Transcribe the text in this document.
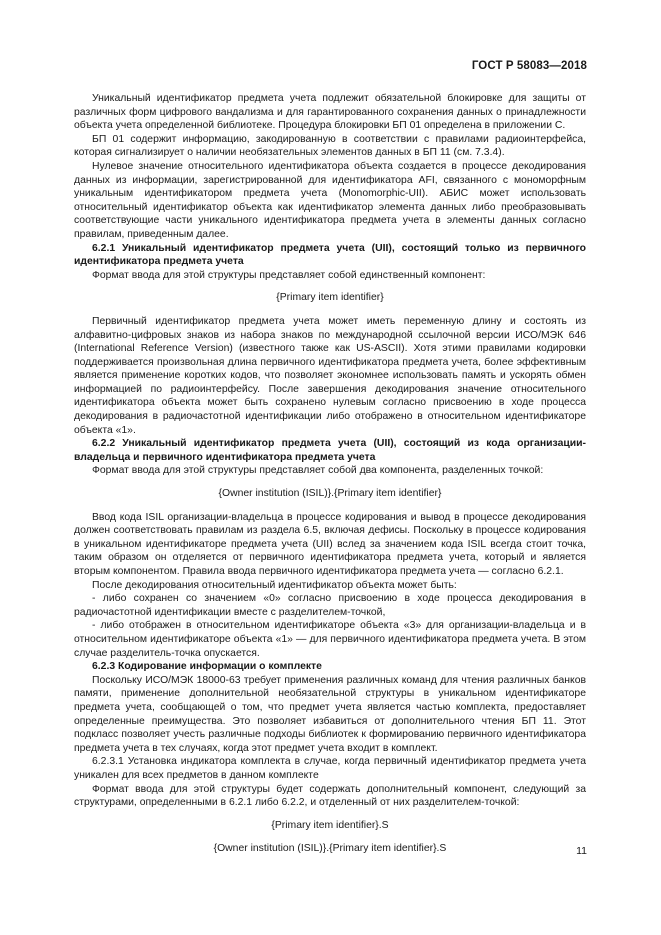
ГОСТ Р 58083—2018

Уникальный идентификатор предмета учета подлежит обязательной блокировке для защиты от различных форм цифрового вандализма и для гарантированного сохранения данных о принадлежности объекта учета определенной библиотеке. Процедура блокировки БП 01 определена в приложении С.

БП 01 содержит информацию, закодированную в соответствии с правилами радиоинтерфейса, которая сигнализирует о наличии необязательных элементов данных в БП 11 (см. 7.3.4).

Нулевое значение относительного идентификатора объекта создается в процессе декодирования данных из информации, зарегистрированной для идентификатора AFI, связанного с мономорфным уникальным идентификатором предмета учета (Monomorphic-UII). АБИС может использовать относительный идентификатор объекта как идентификатор элемента данных либо преобразовывать соответствующие части уникального идентификатора предмета учета в элементы данных согласно правилам, приведенным далее.

6.2.1 Уникальный идентификатор предмета учета (UII), состоящий только из первичного идентификатора предмета учета

Формат ввода для этой структуры представляет собой единственный компонент:

{Primary item identifier}

Первичный идентификатор предмета учета может иметь переменную длину и состоять из алфавитно-цифровых знаков из набора знаков по международной ссылочной версии ИСО/МЭК 646 (International Reference Version) (известного также как US-ASCII). Хотя этими правилами кодировки поддерживается произвольная длина первичного идентификатора предмета учета, более эффективным является применение коротких кодов, что позволяет экономнее использовать память и ускорять обмен информацией по радиоинтерфейсу. После завершения декодирования значение относительного идентификатора объекта может быть сохранено нулевым согласно присвоению в ходе процесса декодирования в радиочастотной идентификации либо отображено в относительном идентификаторе объекта «1».

6.2.2 Уникальный идентификатор предмета учета (UII), состоящий из кода организации-владельца и первичного идентификатора предмета учета

Формат ввода для этой структуры представляет собой два компонента, разделенных точкой:

{Owner institution (ISIL)}.{Primary item identifier}

Ввод кода ISIL организации-владельца в процессе кодирования и вывод в процессе декодирования должен соответствовать правилам из раздела 6.5, включая дефисы. Поскольку в процессе кодирования в уникальном идентификаторе предмета учета (UII) вслед за значением кода ISIL всегда стоит точка, таким образом он отделяется от первичного идентификатора предмета учета, который и является вторым компонентом. Правила ввода первичного идентификатора предмета учета — согласно 6.2.1.

После декодирования относительный идентификатор объекта может быть:

- либо сохранен со значением «0» согласно присвоению в ходе процесса декодирования в радиочастотной идентификации вместе с разделителем-точкой,

- либо отображен в относительном идентификаторе объекта «3» для организации-владельца и в относительном идентификаторе объекта «1» — для первичного идентификатора предмета учета. В этом случае разделитель-точка опускается.

6.2.3 Кодирование информации о комплекте

Поскольку ИСО/МЭК 18000-63 требует применения различных команд для чтения различных банков памяти, применение дополнительной необязательной структуры в уникальном идентификаторе предмета учета, сообщающей о том, что предмет учета является частью комплекта, предоставляет определенные преимущества. Это позволяет избавиться от дополнительного чтения БП 11. Этот подкласс позволяет учесть различные подходы библиотек к формированию первичного идентификатора предмета учета в тех случаях, когда этот предмет учета входит в комплект.

6.2.3.1 Установка индикатора комплекта в случае, когда первичный идентификатор предмета учета уникален для всех предметов в данном комплекте

Формат ввода для этой структуры будет содержать дополнительный компонент, следующий за структурами, определенными в 6.2.1 либо 6.2.2, и отделенный от них разделителем-точкой:

{Primary item identifier}.S

{Owner institution (ISIL)}.{Primary item identifier}.S	11
